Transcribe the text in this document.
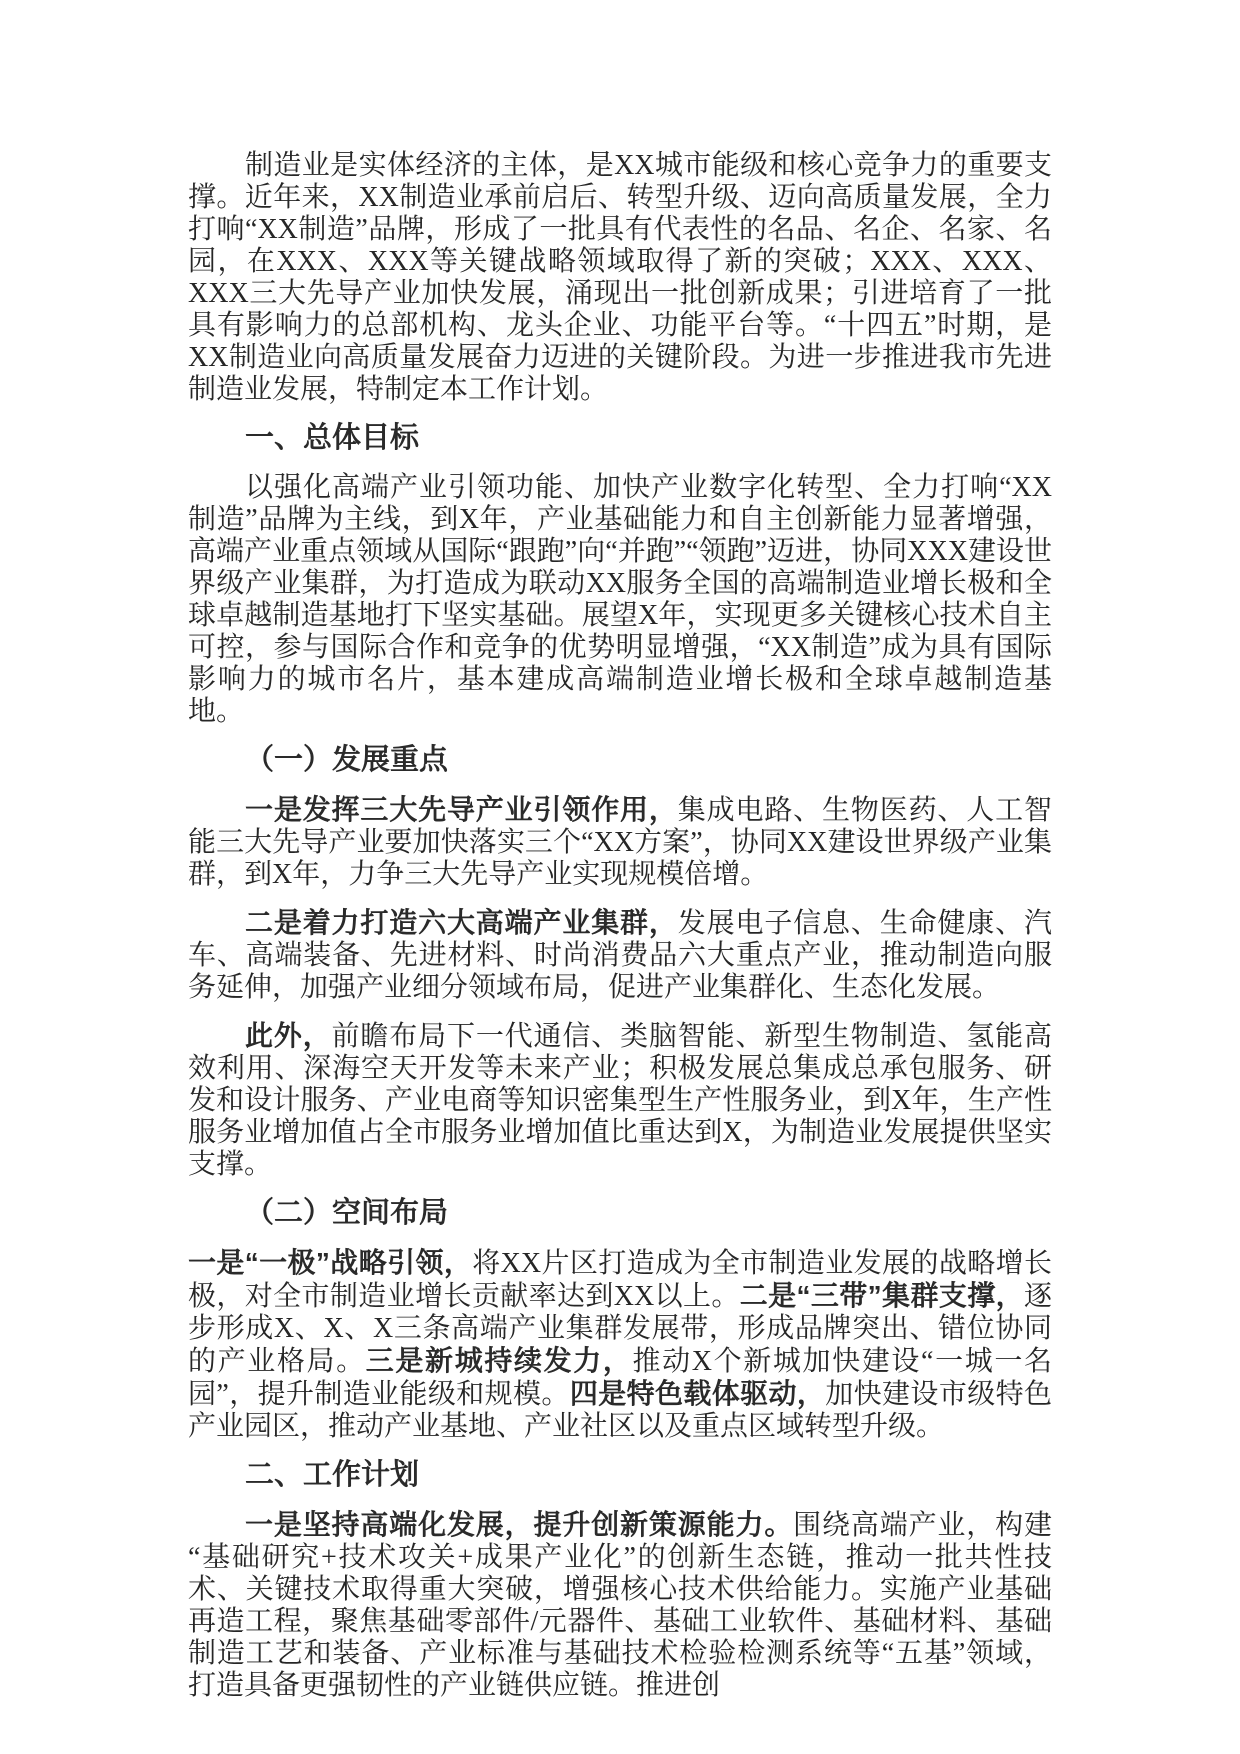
制造业是实体经济的主体，是XX城市能级和核心竞争力的重要支撑。近年来，XX制造业承前启后、转型升级、迈向高质量发展，全力打响“XX制造”品牌，形成了一批具有代表性的名品、名企、名家、名园，在XXX、XXX等关键战略领域取得了新的突破；XXX、XXX、XXX三大先导产业加快发展，涌现出一批创新成果；引进培育了一批具有影响力的总部机构、龙头企业、功能平台等。“十四五”时期，是XX制造业向高质量发展奋力迈进的关键阶段。为进一步推进我市先进制造业发展，特制定本工作计划。

一、总体目标

以强化高端产业引领功能、加快产业数字化转型、全力打响“XX制造”品牌为主线，到X年，产业基础能力和自主创新能力显著增强，高端产业重点领域从国际“跟跑”向“并跑”“领跑”迈进，协同XXX建设世界级产业集群，为打造成为联动XX服务全国的高端制造业增长极和全球卓越制造基地打下坚实基础。展望X年，实现更多关键核心技术自主可控，参与国际合作和竞争的优势明显增强，“XX制造”成为具有国际影响力的城市名片，基本建成高端制造业增长极和全球卓越制造基地。

（一）发展重点

一是发挥三大先导产业引领作用，集成电路、生物医药、人工智能三大先导产业要加快落实三个“XX方案”，协同XX建设世界级产业集群，到X年，力争三大先导产业实现规模倍增。

二是着力打造六大高端产业集群，发展电子信息、生命健康、汽车、高端装备、先进材料、时尚消费品六大重点产业，推动制造向服务延伸，加强产业细分领域布局，促进产业集群化、生态化发展。

此外，前瞻布局下一代通信、类脑智能、新型生物制造、氢能高效利用、深海空天开发等未来产业；积极发展总集成总承包服务、研发和设计服务、产业电商等知识密集型生产性服务业，到X年，生产性服务业增加值占全市服务业增加值比重达到X，为制造业发展提供坚实支撑。

（二）空间布局

一是“一极”战略引领，将XX片区打造成为全市制造业发展的战略增长极，对全市制造业增长贡献率达到XX以上。二是“三带”集群支撑，逐步形成X、X、X三条高端产业集群发展带，形成品牌突出、错位协同的产业格局。三是新城持续发力，推动X个新城加快建设“一城一名园”，提升制造业能级和规模。四是特色载体驱动，加快建设市级特色产业园区，推动产业基地、产业社区以及重点区域转型升级。

二、工作计划

一是坚持高端化发展，提升创新策源能力。围绕高端产业，构建“基础研究+技术攻关+成果产业化”的创新生态链，推动一批共性技术、关键技术取得重大突破，增强核心技术供给能力。实施产业基础再造工程，聚焦基础零部件/元器件、基础工业软件、基础材料、基础制造工艺和装备、产业标准与基础技术检验检测系统等“五基”领域，打造具备更强韧性的产业链供应链。推进创
